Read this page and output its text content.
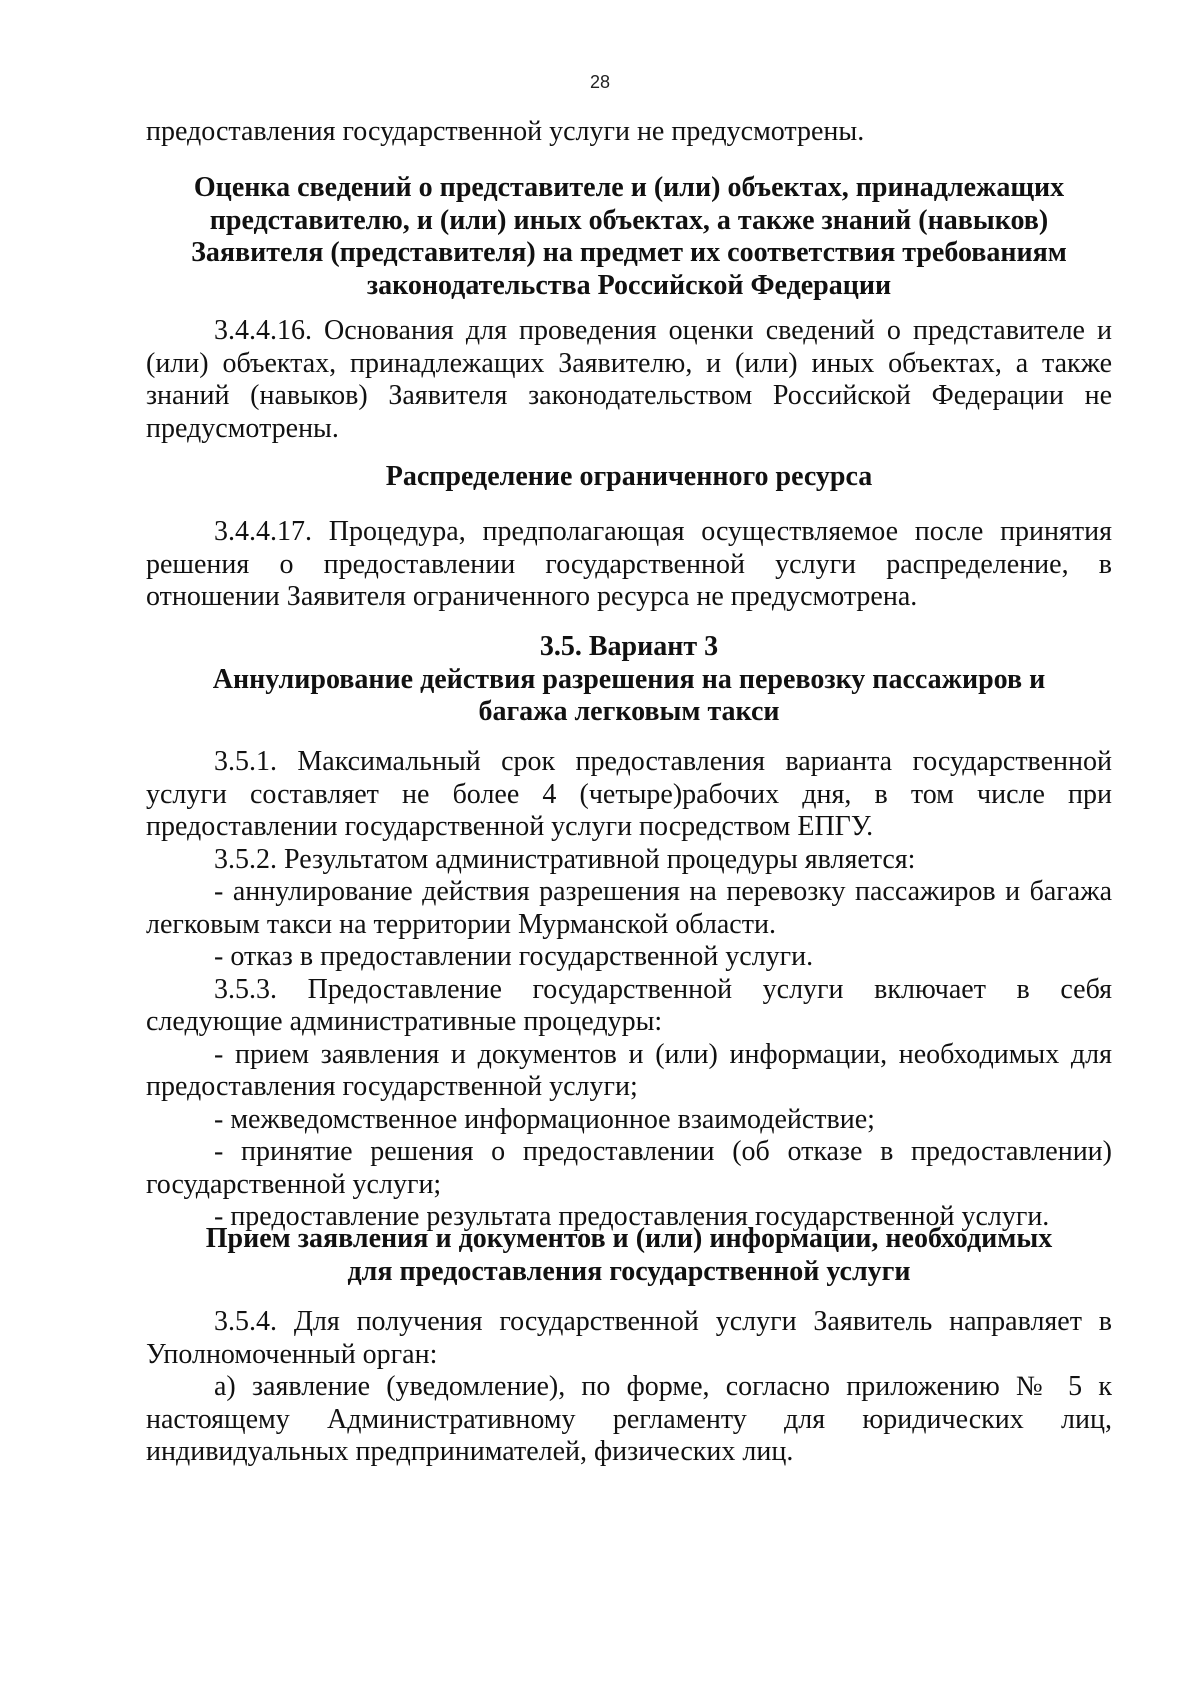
28
предоставления государственной услуги не предусмотрены.
Оценка сведений о представителе и (или) объектах, принадлежащих
представителю, и (или) иных объектах, а также знаний (навыков)
Заявителя (представителя) на предмет их соответствия требованиям
законодательства Российской Федерации
3.4.4.16. Основания для проведения оценки сведений о представителе и
(или) объектах, принадлежащих Заявителю, и (или) иных объектах, а также
знаний (навыков) Заявителя законодательством Российской Федерации не
предусмотрены.
Распределение ограниченного ресурса
3.4.4.17. Процедура, предполагающая осуществляемое после принятия
решения о предоставлении государственной услуги распределение, в
отношении Заявителя ограниченного ресурса не предусмотрена.
3.5. Вариант 3
Аннулирование действия разрешения на перевозку пассажиров и
багажа легковым такси
3.5.1. Максимальный срок предоставления варианта государственной
услуги составляет не более 4 (четыре)рабочих дня, в том числе при
предоставлении государственной услуги посредством ЕПГУ.
3.5.2. Результатом административной процедуры является:
- аннулирование действия разрешения на перевозку пассажиров и багажа
легковым такси на территории Мурманской области.
- отказ в предоставлении государственной услуги.
3.5.3. Предоставление государственной услуги включает в себя
следующие административные процедуры:
- прием заявления и документов и (или) информации, необходимых для
предоставления государственной услуги;
- межведомственное информационное взаимодействие;
- принятие решения о предоставлении (об отказе в предоставлении)
государственной услуги;
- предоставление результата предоставления государственной услуги.
Прием заявления и документов и (или) информации, необходимых
для предоставления государственной услуги
3.5.4. Для получения государственной услуги Заявитель направляет в
Уполномоченный орган:
а) заявление (уведомление), по форме, согласно приложению № 5 к
настоящему Административному регламенту для юридических лиц,
индивидуальных предпринимателей, физических лиц.
